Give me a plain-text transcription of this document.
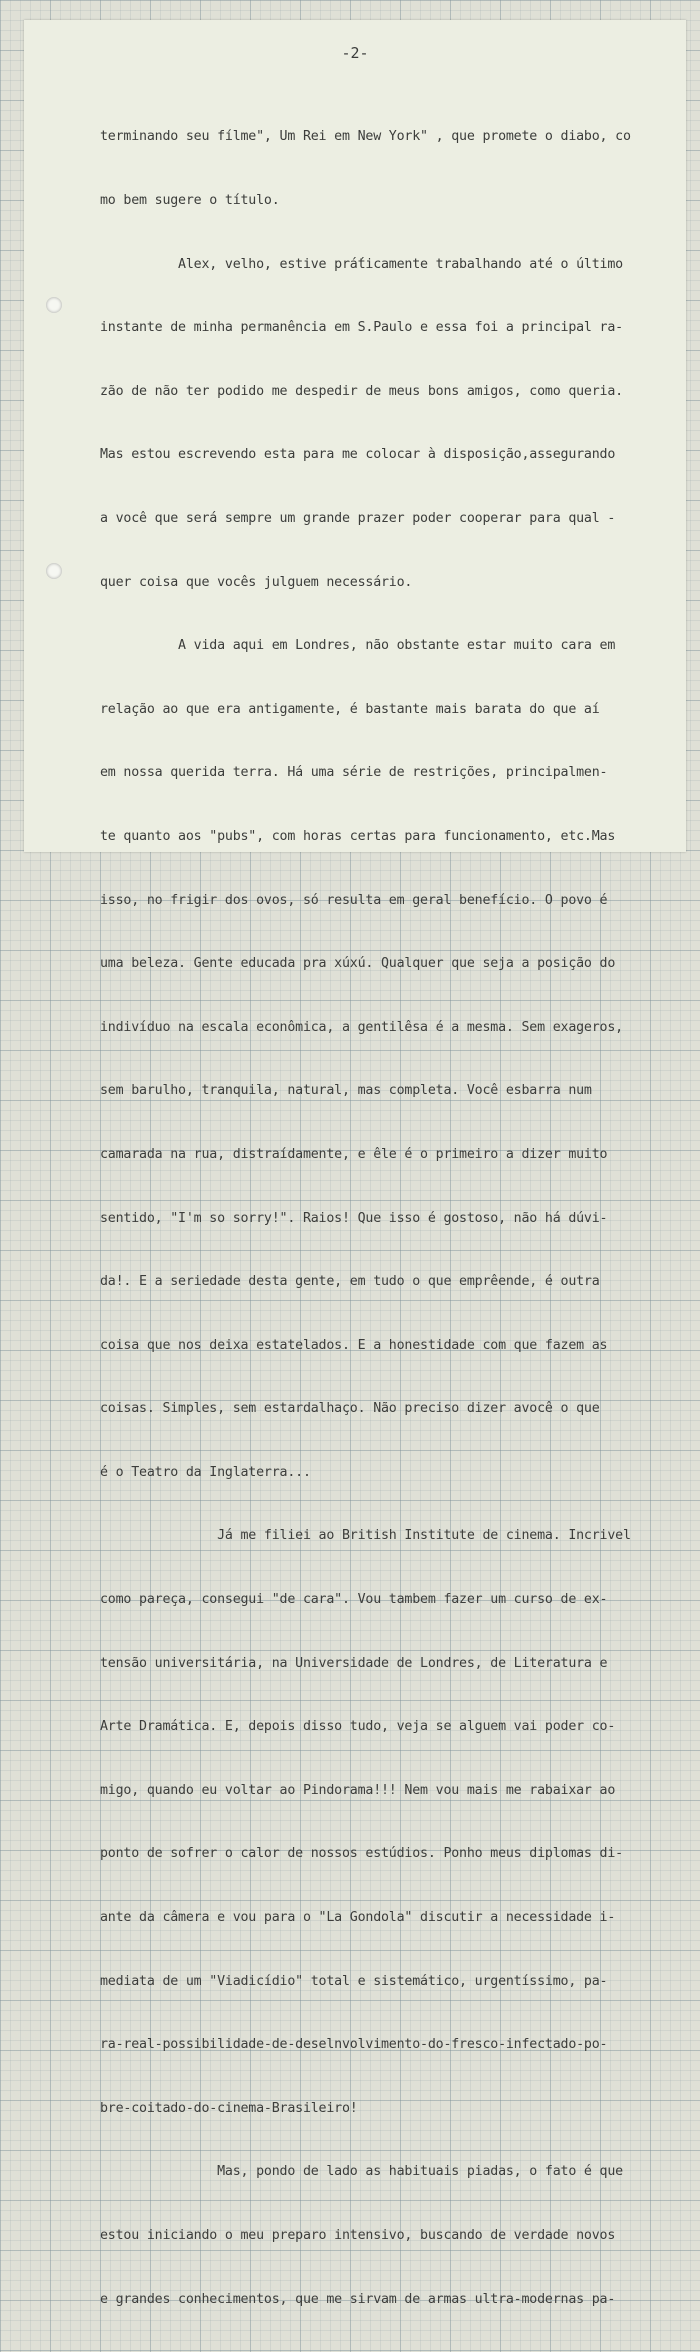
-2-

terminando seu fílme", Um Rei em New York" , que promete o diabo, co

mo bem sugere o título.

Alex, velho, estive prá́ticamente trabalhando até o último

instante de minha permanência em S.Paulo e essa foi a principal ra-

zão de não ter podido me despedir de meus bons amigos, como queria.

Mas estou escrevendo esta para me colocar à disposição,assegurando

a você que será sempre um grande prazer poder cooperar para qual -

quer coisa que vocês julguem necessário.

A vida aqui em Londres, não obstante estar muito cara em

relação ao que era antigamente, é bastante mais barata do que aí

em nossa querida terra. Há uma série de restrições, principalmen-

te quanto aos "pubs", com horas certas para funcionamento, etc.Mas

isso, no frigir dos ovos, só resulta em geral benefício. O povo é

uma beleza. Gente educada pra xúxú. Qualquer que seja a posição do

indivíduo na escala econômica, a gentilêsa é a mesma. Sem exageros,

sem barulho, tranquila, natural, mas completa. Você esbarra num

camarada na rua, distraídamente, e êle é o primeiro a dizer muito

sentido, "I'm so sorry!". Raios! Que isso é gostoso, não há dúvi-

da!. E a seriedade desta gente, em tudo o que emprêende, é outra

coisa que nos deixa estatelados. E a honestidade com que fazem as

coisas. Simples, sem estardalhaço. Não preciso dizer avocê o que

é o Teatro da Inglaterra...

Já me filiei ao British Institute de cinema. Incrivel

como pareça, consegui "de cara". Vou tambem fazer um curso de ex-

tensão universitária, na Universidade de Londres, de Literatura e

Arte Dramática. E, depois disso tudo, veja se alguem vai poder co-

migo, quando eu voltar ao Pindorama!!! Nem vou mais me rabaixar ao

ponto de sofrer o calor de nossos estúdios. Ponho meus diplomas di-

ante da câmera e vou para o "La Gondola" discutir a necessidade i-

mediata de um "Viadicídio" total e sistemático, urgentíssimo, pa-

ra-real-possibilidade-de-deselnvolvimento-do-fresco-infectado-po-

bre-coitado-do-cinema-Brasileiro!

Mas, pondo de lado as habituais piadas, o fato é que

estou iniciando o meu preparo intensivo, buscando de verdade novos

e grandes conhecimentos, que me sirvam de armas ultra-modernas pa-
